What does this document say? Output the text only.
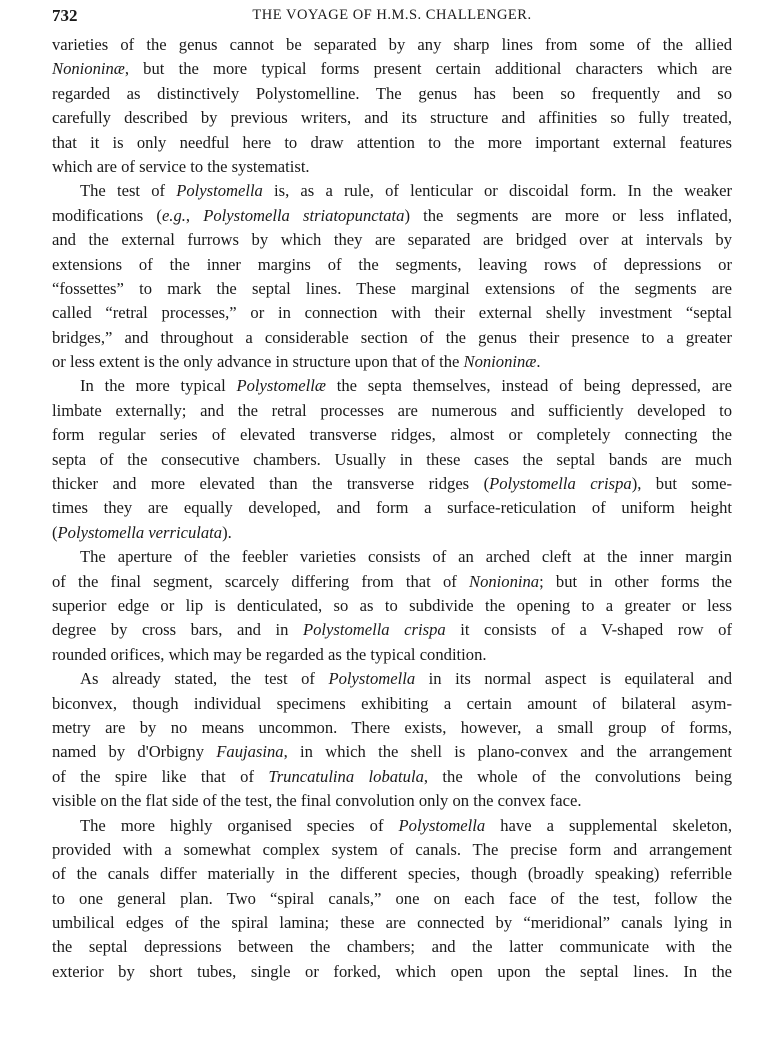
732	THE VOYAGE OF H.M.S. CHALLENGER.
varieties of the genus cannot be separated by any sharp lines from some of the allied
Nonioninæ, but the more typical forms present certain additional characters which are
regarded as distinctively Polystomelline. The genus has been so frequently and so
carefully described by previous writers, and its structure and affinities so fully treated,
that it is only needful here to draw attention to the more important external features
which are of service to the systematist.
The test of Polystomella is, as a rule, of lenticular or discoidal form. In the weaker
modifications (e.g., Polystomella striatopunctata) the segments are more or less inflated,
and the external furrows by which they are separated are bridged over at intervals by
extensions of the inner margins of the segments, leaving rows of depressions or
“fossettes” to mark the septal lines. These marginal extensions of the segments are
called “retral processes,” or in connection with their external shelly investment “septal
bridges,” and throughout a considerable section of the genus their presence to a greater
or less extent is the only advance in structure upon that of the Nonioninæ.
In the more typical Polystomellæ the septa themselves, instead of being depressed, are
limbate externally; and the retral processes are numerous and sufficiently developed to
form regular series of elevated transverse ridges, almost or completely connecting the
septa of the consecutive chambers. Usually in these cases the septal bands are much
thicker and more elevated than the transverse ridges (Polystomella crispa), but some-
times they are equally developed, and form a surface-reticulation of uniform height
(Polystomella verriculata).
The aperture of the feebler varieties consists of an arched cleft at the inner margin
of the final segment, scarcely differing from that of Nonionina; but in other forms the
superior edge or lip is denticulated, so as to subdivide the opening to a greater or less
degree by cross bars, and in Polystomella crispa it consists of a V-shaped row of
rounded orifices, which may be regarded as the typical condition.
As already stated, the test of Polystomella in its normal aspect is equilateral and
biconvex, though individual specimens exhibiting a certain amount of bilateral asym-
metry are by no means uncommon. There exists, however, a small group of forms,
named by d'Orbigny Faujasina, in which the shell is plano-convex and the arrangement
of the spire like that of Truncatulina lobatula, the whole of the convolutions being
visible on the flat side of the test, the final convolution only on the convex face.
The more highly organised species of Polystomella have a supplemental skeleton,
provided with a somewhat complex system of canals. The precise form and arrangement
of the canals differ materially in the different species, though (broadly speaking) referrible
to one general plan. Two “spiral canals,” one on each face of the test, follow the
umbilical edges of the spiral lamina; these are connected by “meridional” canals lying in
the septal depressions between the chambers; and the latter communicate with the
exterior by short tubes, single or forked, which open upon the septal lines. In the
